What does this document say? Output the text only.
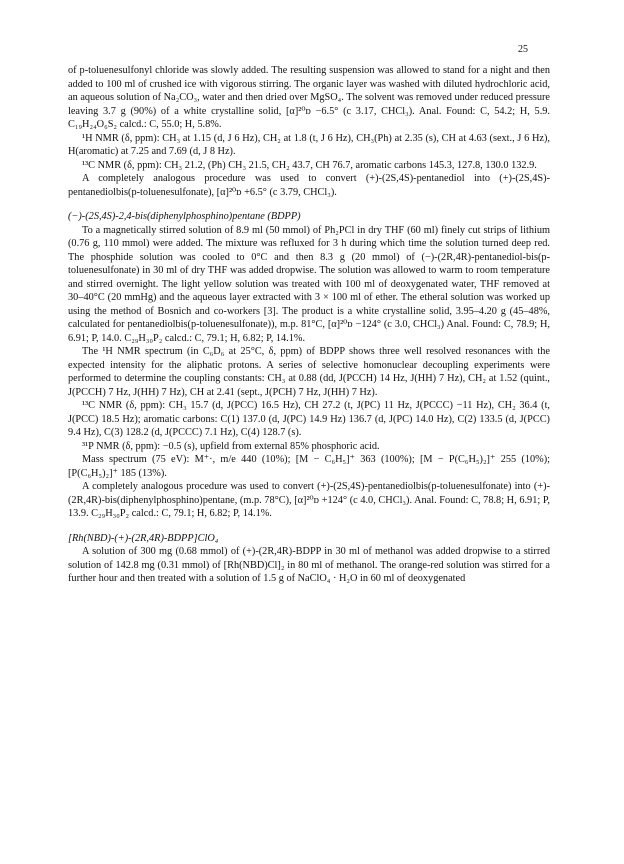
25

of p-toluenesulfonyl chloride was slowly added. The resulting suspension was allowed to stand for a night and then added to 100 ml of crushed ice with vigorous stirring. The organic layer was washed with diluted hydrochloric acid, an aqueous solution of Na₂CO₃, water and then dried over MgSO₄. The solvent was removed under reduced pressure leaving 3.7 g (90%) of a white crystalline solid, [α]²⁰ᴅ −6.5° (c 3.17, CHCl₃). Anal. Found: C, 54.2; H, 5.9. C₁₉H₂₄O₆S₂ calcd.: C, 55.0; H, 5.8%.

¹H NMR (δ, ppm): CH₃ at 1.15 (d, J 6 Hz), CH₂ at 1.8 (t, J 6 Hz), CH₃(Ph) at 2.35 (s), CH at 4.63 (sext., J 6 Hz), H(aromatic) at 7.25 and 7.69 (d, J 8 Hz).

¹³C NMR (δ, ppm): CH₃ 21.2, (Ph) CH₃ 21.5, CH₂ 43.7, CH 76.7, aromatic carbons 145.3, 127.8, 130.0 132.9.

A completely analogous procedure was used to convert (+)-(2S,4S)-pentanediol into (+)-(2S,4S)-pentanediolbis(p-toluenesulfonate), [α]²⁰ᴅ +6.5° (c 3.79, CHCl₃).

(−)-(2S,4S)-2,4-bis(diphenylphosphino)pentane (BDPP)

To a magnetically stirred solution of 8.9 ml (50 mmol) of Ph₂PCl in dry THF (60 ml) finely cut strips of lithium (0.76 g, 110 mmol) were added. The mixture was refluxed for 3 h during which time the solution turned deep red. The phosphide solution was cooled to 0°C and then 8.3 g (20 mmol) of (−)-(2R,4R)-pentanediol-bis(p-toluenesulfonate) in 30 ml of dry THF was added dropwise. The solution was allowed to warm to room temperature and stirred overnight. The light yellow solution was treated with 100 ml of deoxygenated water, THF removed at 30–40°C (20 mmHg) and the aqueous layer extracted with 3 × 100 ml of ether. The etheral solution was worked up using the method of Bosnich and co-workers [3]. The product is a white crystalline solid, 3.95–4.20 g (45–48%, calculated for pentanediolbis(p-toluenesulfonate)), m.p. 81°C, [α]²⁰ᴅ −124° (c 3.0, CHCl₃) Anal. Found: C, 78.9; H, 6.91; P, 14.0. C₂₉H₃₀P₂ calcd.: C, 79.1; H, 6.82; P, 14.1%.

The ¹H NMR spectrum (in C₆D₆ at 25°C, δ, ppm) of BDPP shows three well resolved resonances with the expected intensity for the aliphatic protons. A series of selective homonuclear decoupling experiments were performed to determine the coupling constants: CH₃ at 0.88 (dd, J(PCCH) 14 Hz, J(HH) 7 Hz), CH₂ at 1.52 (quint., J(PCCH) 7 Hz, J(HH) 7 Hz), CH at 2.41 (sept., J(PCH) 7 Hz, J(HH) 7 Hz).

¹³C NMR (δ, ppm): CH₃ 15.7 (d, J(PCC) 16.5 Hz), CH 27.2 (t, J(PC) 11 Hz, J(PCCC) −11 Hz), CH₂ 36.4 (t, J(PCC) 18.5 Hz); aromatic carbons: C(1) 137.0 (d, J(PC) 14.9 Hz) 136.7 (d, J(PC) 14.0 Hz), C(2) 133.5 (d, J(PCC) 9.4 Hz), C(3) 128.2 (d, J(PCCC) 7.1 Hz), C(4) 128.7 (s).

³¹P NMR (δ, ppm): −0.5 (s), upfield from external 85% phosphoric acid.

Mass spectrum (75 eV): M⁺·, m/e 440 (10%); [M − C₆H₅]⁺ 363 (100%); [M − P(C₆H₅)₂]⁺ 255 (10%); [P(C₆H₅)₂]⁺ 185 (13%).

A completely analogous procedure was used to convert (+)-(2S,4S)-pentanediolbis(p-toluenesulfonate) into (+)-(2R,4R)-bis(diphenylphosphino)pentane, (m.p. 78°C), [α]²⁰ᴅ +124° (c 4.0, CHCl₃). Anal. Found: C, 78.8; H, 6.91; P, 13.9. C₂₉H₃₀P₂ calcd.: C, 79.1; H, 6.82; P, 14.1%.

[Rh(NBD)-(+)-(2R,4R)-BDPP]ClO₄

A solution of 300 mg (0.68 mmol) of (+)-(2R,4R)-BDPP in 30 ml of methanol was added dropwise to a stirred solution of 142.8 mg (0.31 mmol) of [Rh(NBD)Cl]₂ in 80 ml of methanol. The orange-red solution was stirred for a further hour and then treated with a solution of 1.5 g of NaClO₄ · H₂O in 60 ml of deoxygenated
